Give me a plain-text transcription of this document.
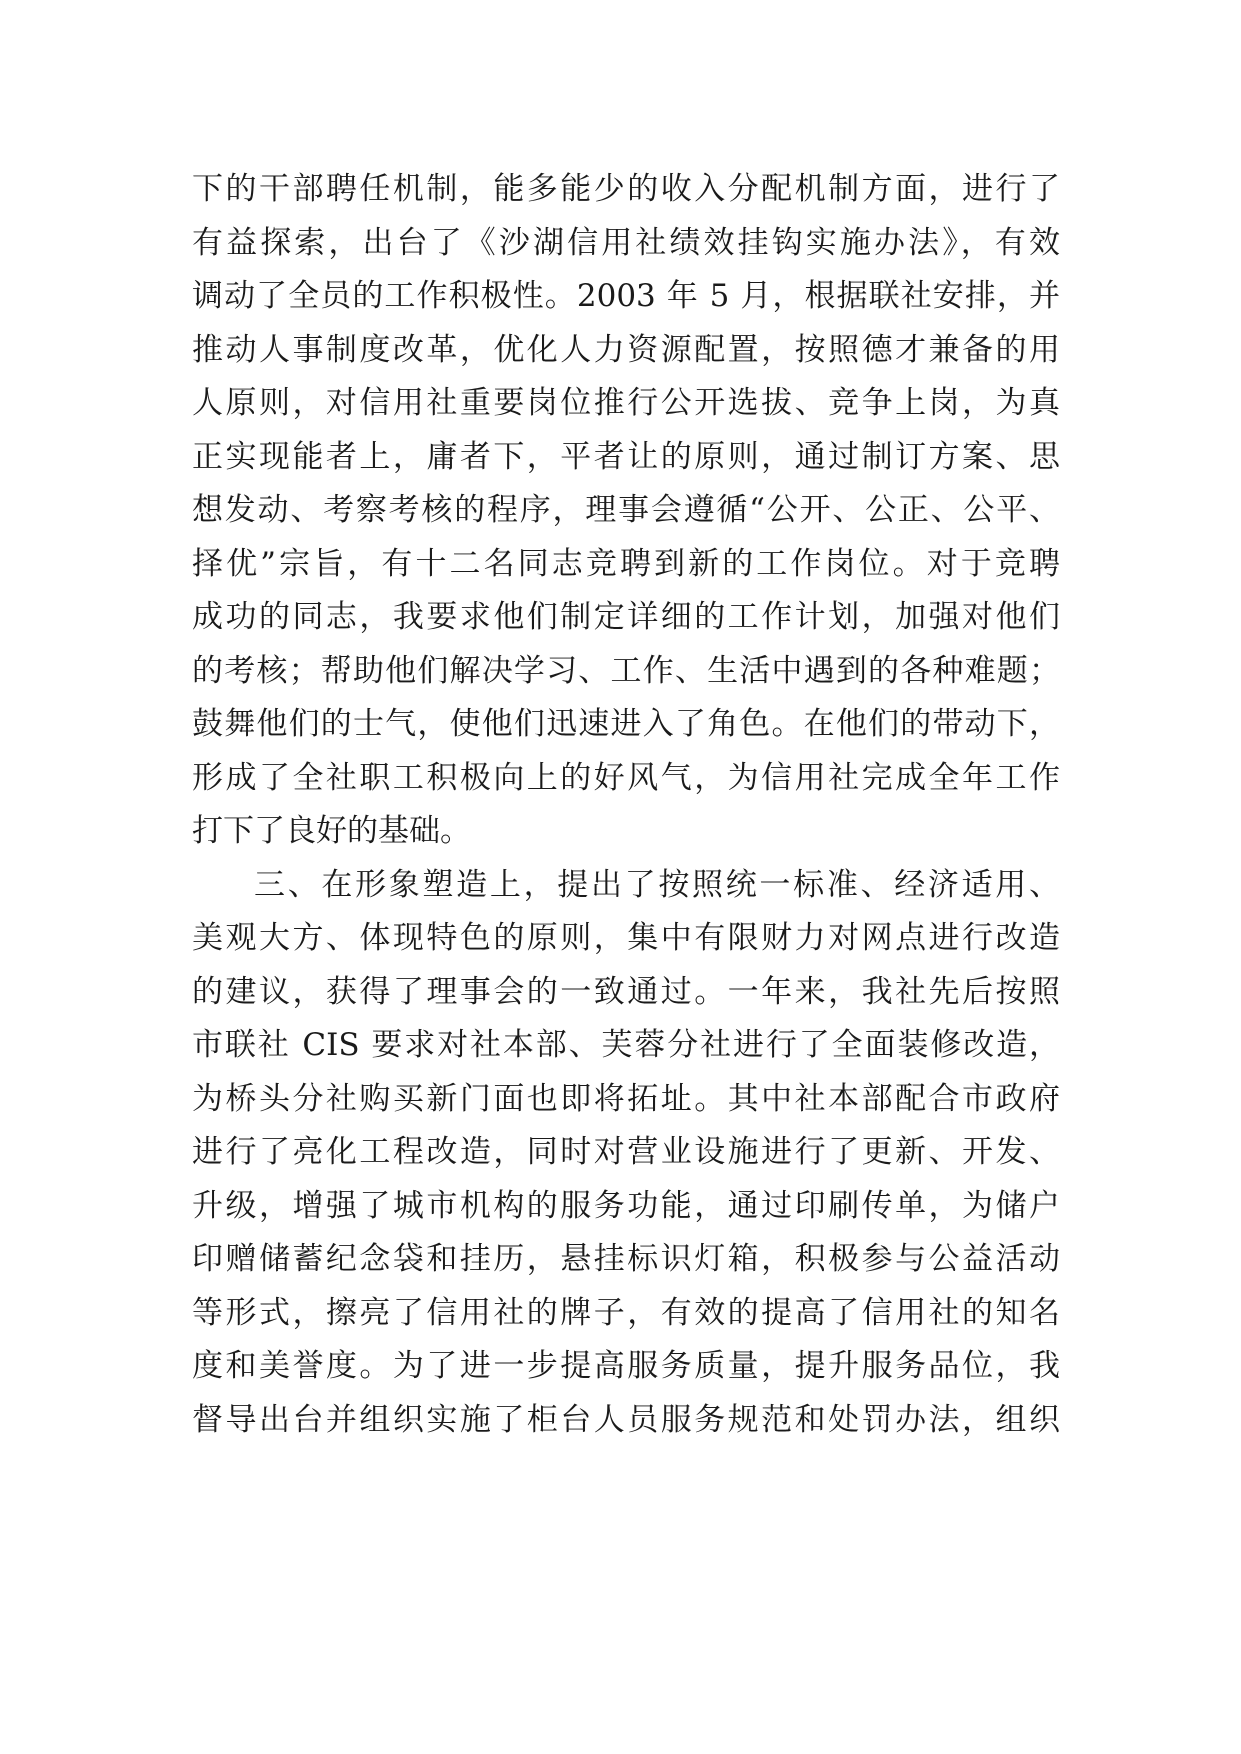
下的干部聘任机制，能多能少的收入分配机制方面，进行了
有益探索，出台了《沙湖信用社绩效挂钩实施办法》，有效
调动了全员的工作积极性。2003 年 5 月，根据联社安排，并
推动人事制度改革，优化人力资源配置，按照德才兼备的用
人原则，对信用社重要岗位推行公开选拔、竞争上岗，为真
正实现能者上，庸者下，平者让的原则，通过制订方案、思
想发动、考察考核的程序，理事会遵循“公开、公正、公平、
择优”宗旨，有十二名同志竞聘到新的工作岗位。对于竞聘
成功的同志，我要求他们制定详细的工作计划，加强对他们
的考核；帮助他们解决学习、工作、生活中遇到的各种难题；
鼓舞他们的士气，使他们迅速进入了角色。在他们的带动下，
形成了全社职工积极向上的好风气，为信用社完成全年工作
打下了良好的基础。
三、在形象塑造上，提出了按照统一标准、经济适用、
美观大方、体现特色的原则，集中有限财力对网点进行改造
的建议，获得了理事会的一致通过。一年来，我社先后按照
市联社 CIS 要求对社本部、芙蓉分社进行了全面装修改造，
为桥头分社购买新门面也即将拓址。其中社本部配合市政府
进行了亮化工程改造，同时对营业设施进行了更新、开发、
升级，增强了城市机构的服务功能，通过印刷传单，为储户
印赠储蓄纪念袋和挂历，悬挂标识灯箱，积极参与公益活动
等形式，擦亮了信用社的牌子，有效的提高了信用社的知名
度和美誉度。为了进一步提高服务质量，提升服务品位，我
督导出台并组织实施了柜台人员服务规范和处罚办法，组织
